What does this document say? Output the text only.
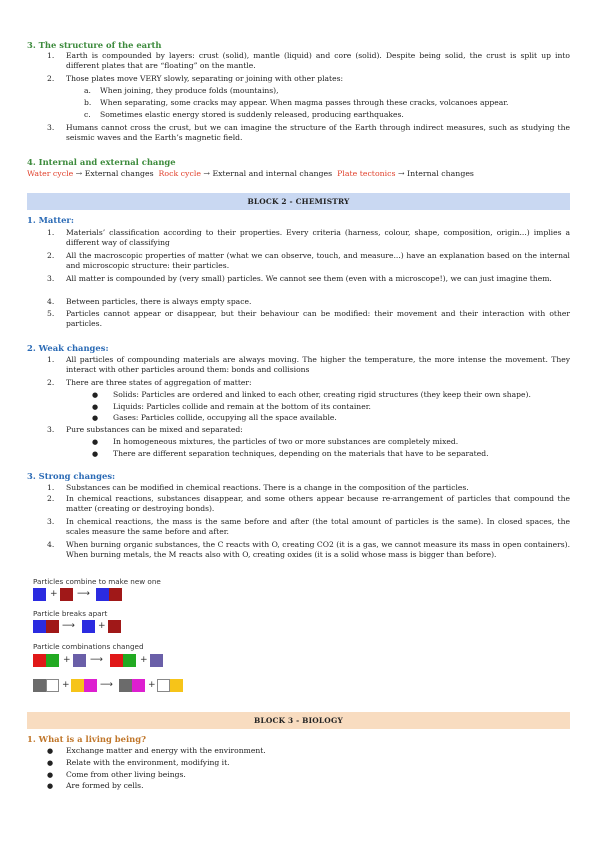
3. The structure of the earth
1. Earth is compounded by layers: crust (solid), mantle (liquid) and core (solid). Despite being solid, the crust is split up into different plates that are “floating” on the mantle.
2. Those plates move VERY slowly, separating or joining with other plates:
a. When joining, they produce folds (mountains),
b. When separating, some cracks may appear. When magma passes through these cracks, volcanoes appear.
c. Sometimes elastic energy stored is suddenly released, producing earthquakes.
3. Humans cannot cross the crust, but we can imagine the structure of the Earth through indirect measures, such as studying the seismic waves and the Earth’s magnetic field.
4. Internal and external change
Water cycle → External changes Rock cycle → External and internal changes Plate tectonics → Internal changes
BLOCK 2 - CHEMISTRY
1. Matter:
1. Materials’ classification according to their properties. Every criteria (harness, colour, shape, composition, origin...) implies a different way of classifying
2. All the macroscopic properties of matter (what we can observe, touch, and measure...) have an explanation based on the internal and microscopic structure: their particles.
3. All matter is compounded by (very small) particles. We cannot see them (even with a microscope!), we can just imagine them.
4. Between particles, there is always empty space.
5. Particles cannot appear or disappear, but their behaviour can be modified: their movement and their interaction with other particles.
2. Weak changes:
1. All particles of compounding materials are always moving. The higher the temperature, the more intense the movement. They interact with other particles around them: bonds and collisions
2. There are three states of aggregation of matter:
● Solids: Particles are ordered and linked to each other, creating rigid structures (they keep their own shape).
● Liquids: Particles collide and remain at the bottom of its container.
● Gases: Particles collide, occupying all the space available.
3. Pure substances can be mixed and separated:
● In homogeneous mixtures, the particles of two or more substances are completely mixed.
● There are different separation techniques, depending on the materials that have to be separated.
3. Strong changes:
1. Substances can be modified in chemical reactions. There is a change in the composition of the particles.
2. In chemical reactions, substances disappear, and some others appear because re-arrangement of particles that compound the matter (creating or destroying bonds).
3. In chemical reactions, the mass is the same before and after (the total amount of particles is the same). In closed spaces, the scales measure the same before and after.
4. When burning organic substances, the C reacts with O, creating CO2 (it is a gas, we cannot measure its mass in open containers). When burning metals, the M reacts also with O, creating oxides (it is a solid whose mass is bigger than before).
Particles combine to make new one
+ ⟶
Particle breaks apart
⟶	+
Particle combinations changed
+ ⟶	+
+	⟶	+
BLOCK 3 - BIOLOGY
1. What is a living being?
● Exchange matter and energy with the environment.
● Relate with the environment, modifying it.
● Come from other living beings.
● Are formed by cells.
